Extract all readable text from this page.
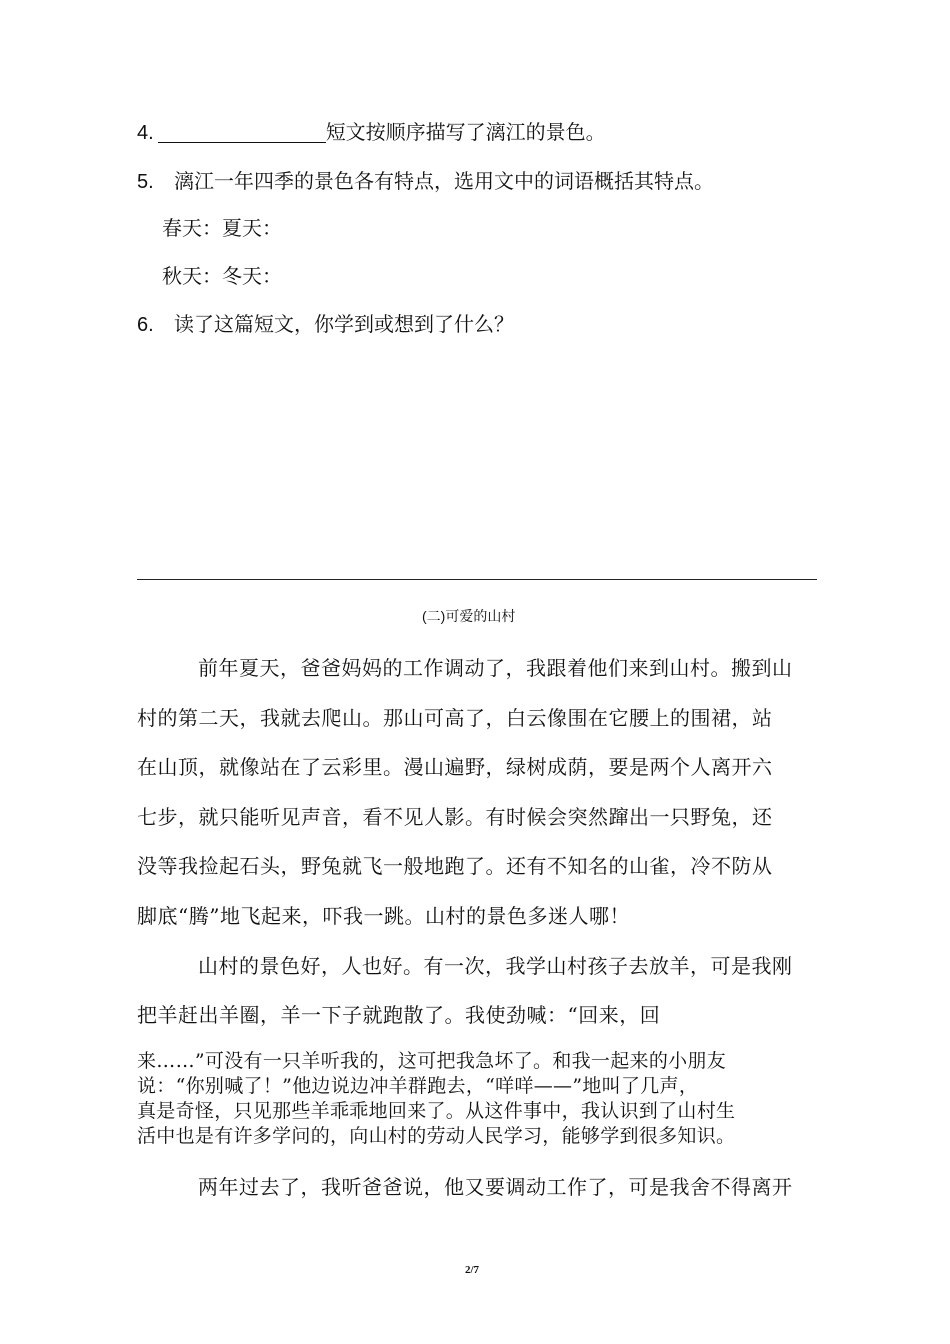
4.	短文按顺序描写了漓江的景色。
5. 漓江一年四季的景色各有特点，选用文中的词语概括其特点。
春天：夏天：
秋天：冬天：
6. 读了这篇短文，你学到或想到了什么？
(二)可爱的山村
前年夏天，爸爸妈妈的工作调动了，我跟着他们来到山村。搬到山
村的第二天，我就去爬山。那山可高了，白云像围在它腰上的围裙，站
在山顶，就像站在了云彩里。漫山遍野，绿树成荫，要是两个人离开六
七步，就只能听见声音，看不见人影。有时候会突然蹿出一只野兔，还
没等我捡起石头，野兔就飞一般地跑了。还有不知名的山雀，冷不防从
脚底“腾”地飞起来，吓我一跳。山村的景色多迷人哪！
山村的景色好，人也好。有一次，我学山村孩子去放羊，可是我刚
把羊赶出羊圈，羊一下子就跑散了。我使劲喊：“回来，回
来……”可没有一只羊听我的，这可把我急坏了。和我一起来的小朋友
说：“你别喊了！”他边说边冲羊群跑去，“咩咩——”地叫了几声，
真是奇怪，只见那些羊乖乖地回来了。从这件事中，我认识到了山村生
活中也是有许多学问的，向山村的劳动人民学习，能够学到很多知识。
两年过去了，我听爸爸说，他又要调动工作了，可是我舍不得离开
2/7
